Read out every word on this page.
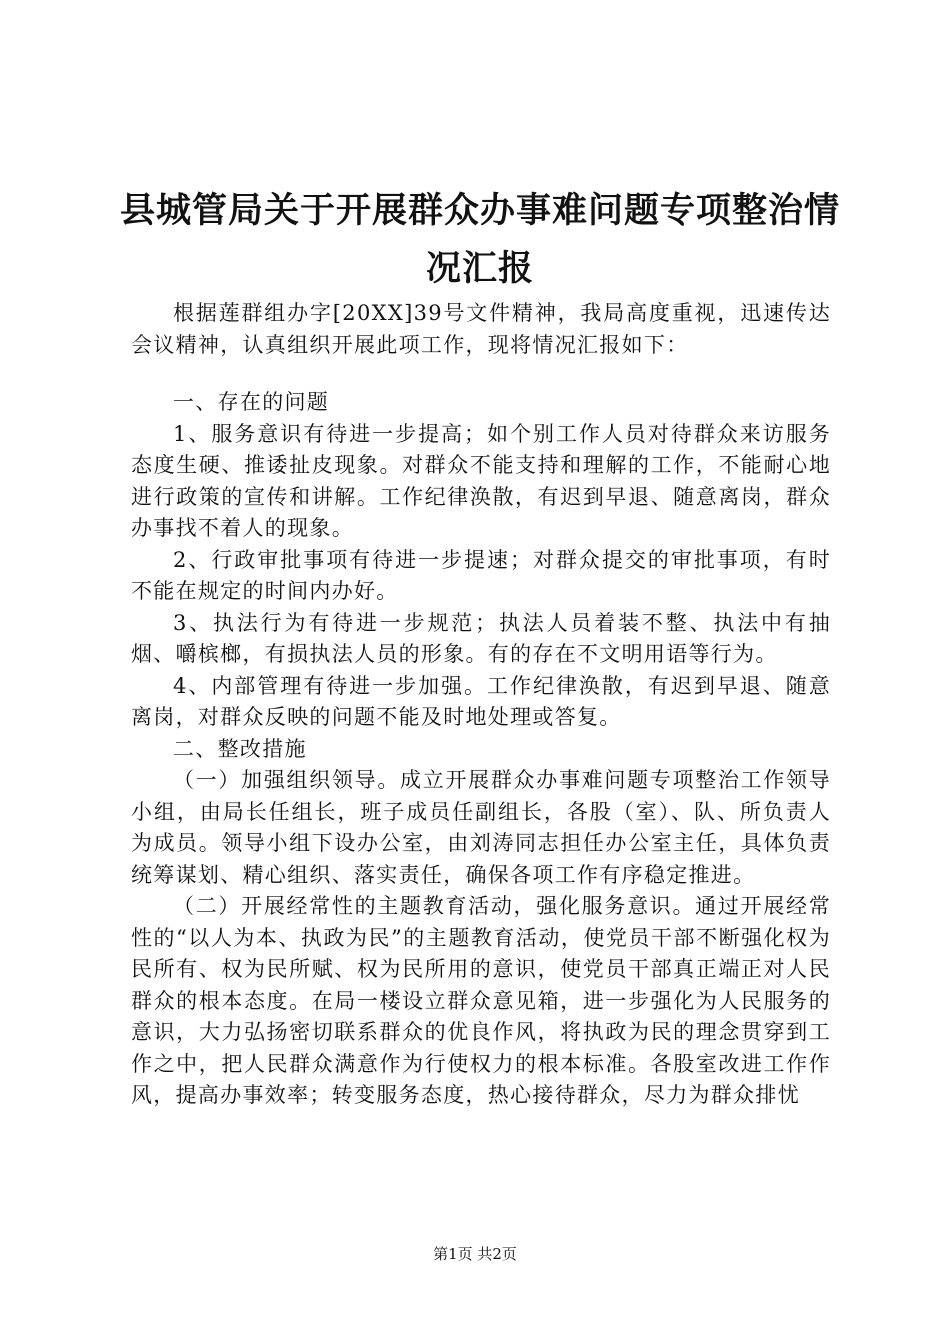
县城管局关于开展群众办事难问题专项整治情况汇报

根据莲群组办字[20XX]39号文件精神，我局高度重视，迅速传达会议精神，认真组织开展此项工作，现将情况汇报如下：

一、存在的问题

1、服务意识有待进一步提高；如个别工作人员对待群众来访服务态度生硬、推诿扯皮现象。对群众不能支持和理解的工作，不能耐心地进行政策的宣传和讲解。工作纪律涣散，有迟到早退、随意离岗，群众办事找不着人的现象。

2、行政审批事项有待进一步提速；对群众提交的审批事项，有时不能在规定的时间内办好。

3、执法行为有待进一步规范；执法人员着装不整、执法中有抽烟、嚼槟榔，有损执法人员的形象。有的存在不文明用语等行为。

4、内部管理有待进一步加强。工作纪律涣散，有迟到早退、随意离岗，对群众反映的问题不能及时地处理或答复。

二、整改措施

（一）加强组织领导。成立开展群众办事难问题专项整治工作领导小组，由局长任组长，班子成员任副组长，各股（室）、队、所负责人为成员。领导小组下设办公室，由刘涛同志担任办公室主任，具体负责统筹谋划、精心组织、落实责任，确保各项工作有序稳定推进。

（二）开展经常性的主题教育活动，强化服务意识。通过开展经常性的“以人为本、执政为民”的主题教育活动，使党员干部不断强化权为民所有、权为民所赋、权为民所用的意识，使党员干部真正端正对人民群众的根本态度。在局一楼设立群众意见箱，进一步强化为人民服务的意识，大力弘扬密切联系群众的优良作风，将执政为民的理念贯穿到工作之中，把人民群众满意作为行使权力的根本标准。各股室改进工作作风，提高办事效率；转变服务态度，热心接待群众，尽力为群众排忧

第1页 共2页
